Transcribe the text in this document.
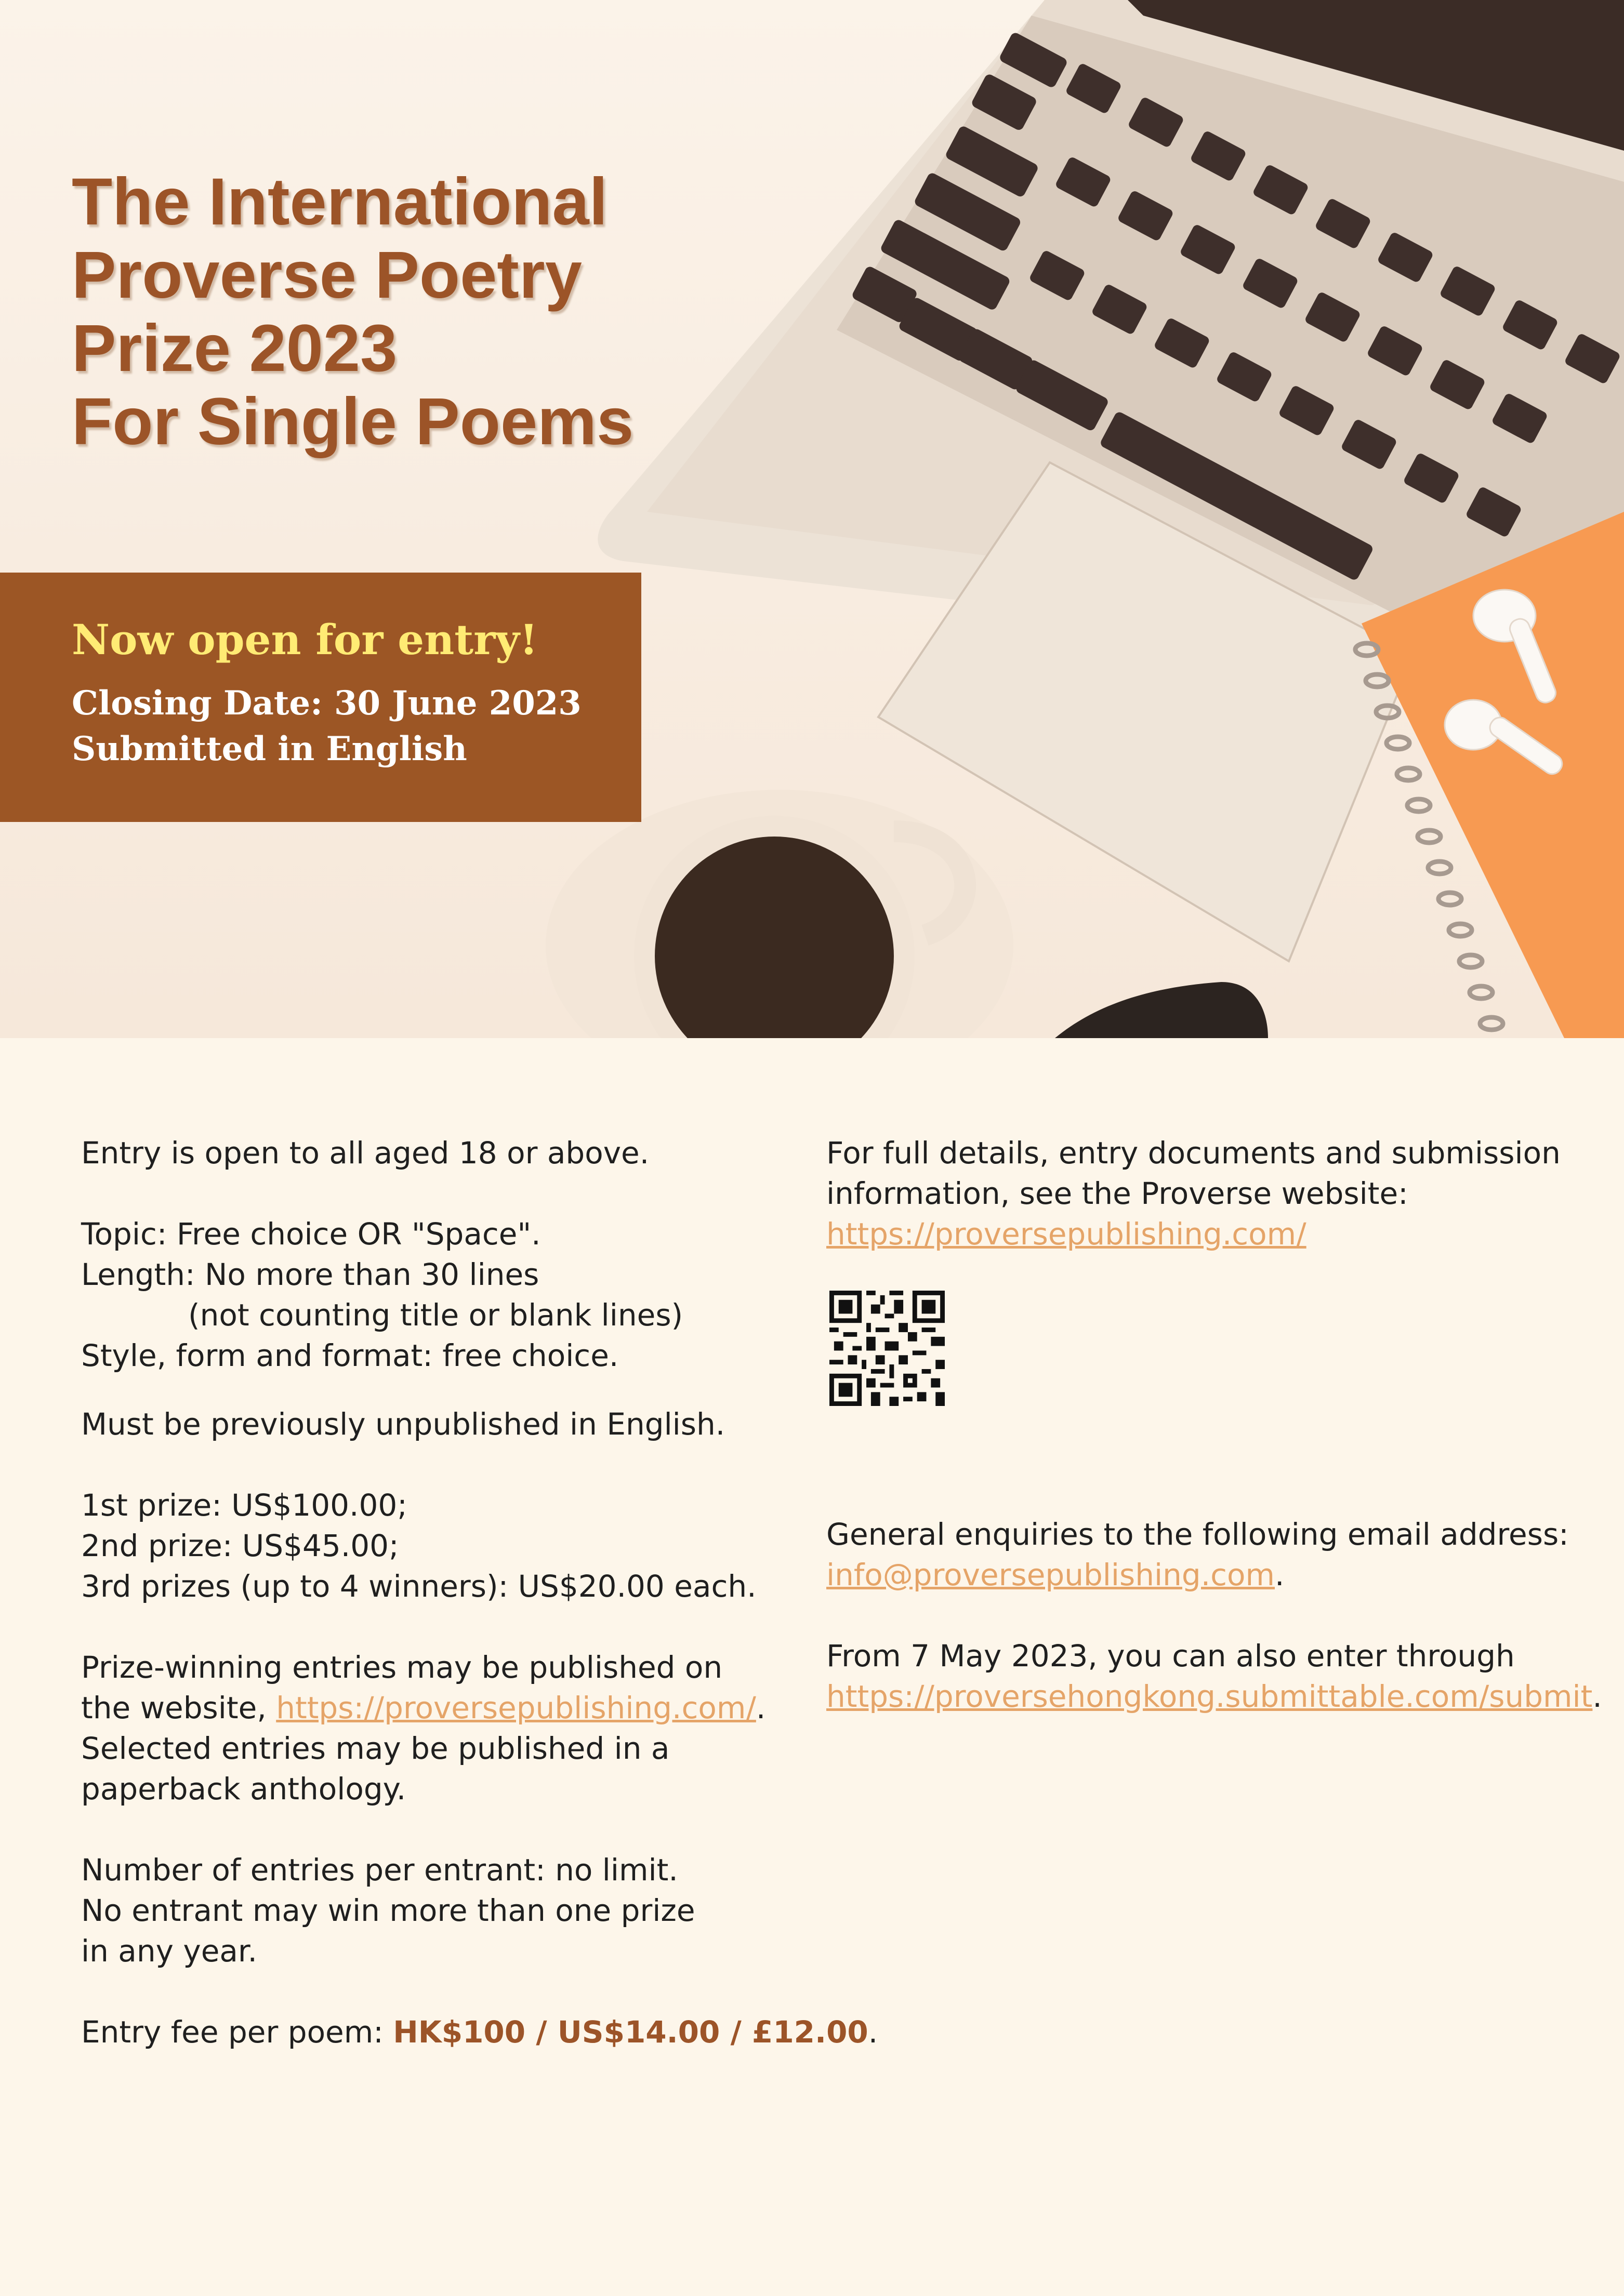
The International
Proverse Poetry
Prize 2023
For Single Poems
Now open for entry!
Closing Date: 30 June 2023
Submitted in English

Entry is open to all aged 18 or above.

Topic: Free choice OR "Space".

Length: No more than 30 lines

(not counting title or blank lines)

Style, form and format: free choice.

Must be previously unpublished in English.

1st prize: US$100.00;

2nd prize: US$45.00;

3rd prizes (up to 4 winners): US$20.00 each.

Prize-winning entries may be published on

the website, https://proversepublishing.com/.

Selected entries may be published in a

paperback anthology.

Number of entries per entrant: no limit.

No entrant may win more than one prize

in any year.

Entry fee per poem: HK$100 / US$14.00 / £12.00.

For full details, entry documents and submission

information, see the Proverse website:

https://proversepublishing.com/

General enquiries to the following email address:

info@proversepublishing.com.

From 7 May 2023, you can also enter through

https://proversehongkong.submittable.com/submit.
